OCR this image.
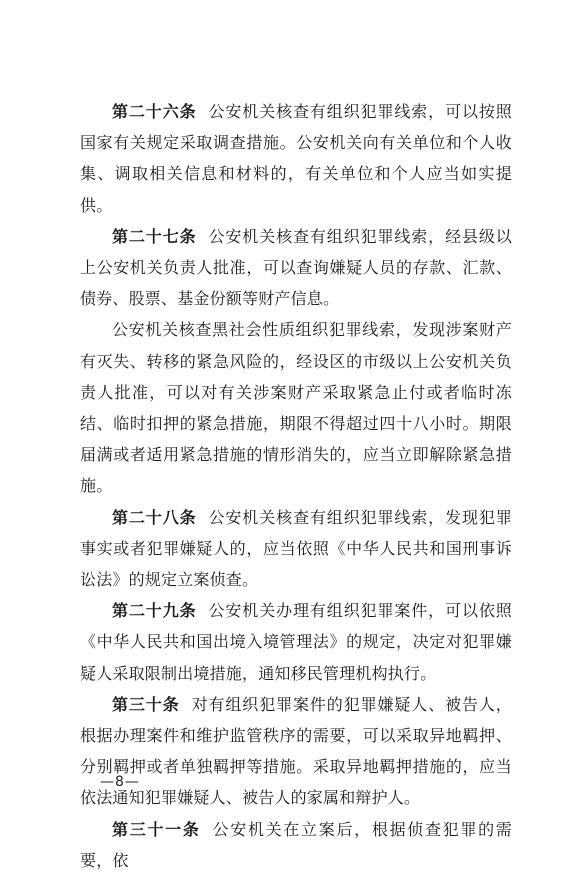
第二十六条 公安机关核查有组织犯罪线索，可以按照国家有关规定采取调查措施。公安机关向有关单位和个人收集、调取相关信息和材料的，有关单位和个人应当如实提供。

第二十七条 公安机关核查有组织犯罪线索，经县级以上公安机关负责人批准，可以查询嫌疑人员的存款、汇款、债券、股票、基金份额等财产信息。

公安机关核查黑社会性质组织犯罪线索，发现涉案财产有灭失、转移的紧急风险的，经设区的市级以上公安机关负责人批准，可以对有关涉案财产采取紧急止付或者临时冻结、临时扣押的紧急措施，期限不得超过四十八小时。期限届满或者适用紧急措施的情形消失的，应当立即解除紧急措施。

第二十八条 公安机关核查有组织犯罪线索，发现犯罪事实或者犯罪嫌疑人的，应当依照《中华人民共和国刑事诉讼法》的规定立案侦查。

第二十九条 公安机关办理有组织犯罪案件，可以依照《中华人民共和国出境入境管理法》的规定，决定对犯罪嫌疑人采取限制出境措施，通知移民管理机构执行。

第三十条 对有组织犯罪案件的犯罪嫌疑人、被告人，根据办理案件和维护监管秩序的需要，可以采取异地羁押、分别羁押或者单独羁押等措施。采取异地羁押措施的，应当依法通知犯罪嫌疑人、被告人的家属和辩护人。

第三十一条 公安机关在立案后，根据侦查犯罪的需要，依

—8—
